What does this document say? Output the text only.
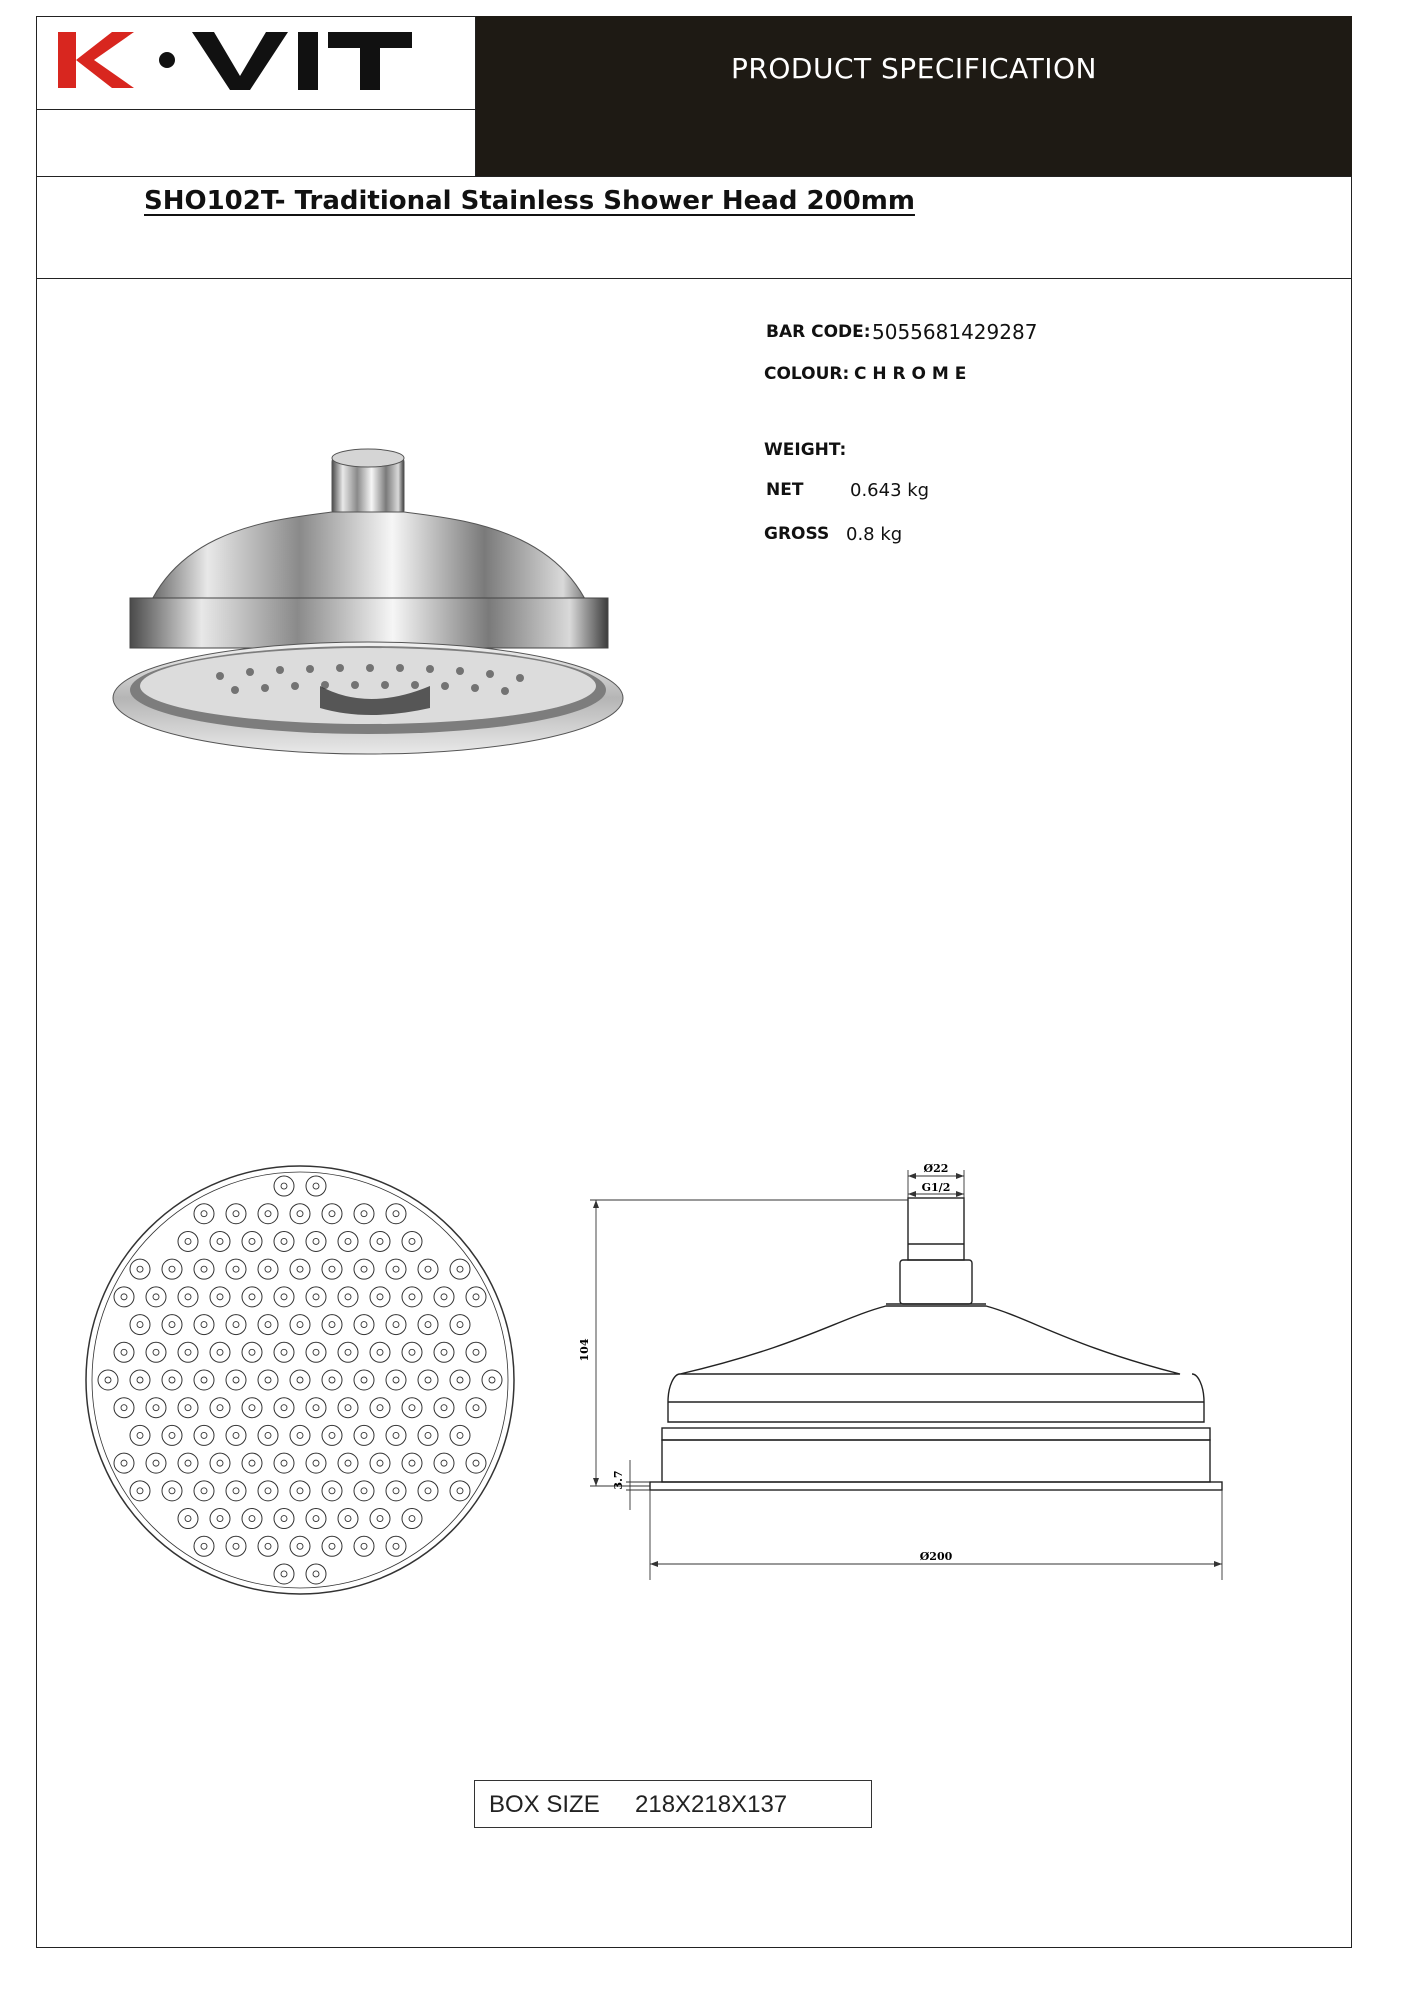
PRODUCT SPECIFICATION
SHO102T- Traditional Stainless Shower Head 200mm
BAR CODE: 5055681429287
COLOUR: C H R O M E
WEIGHT:
NET	0.643 kg
GROSS 0.8 kg
Ø22
G1/2
104
3.7
Ø200
BOX SIZE 218X218X137
